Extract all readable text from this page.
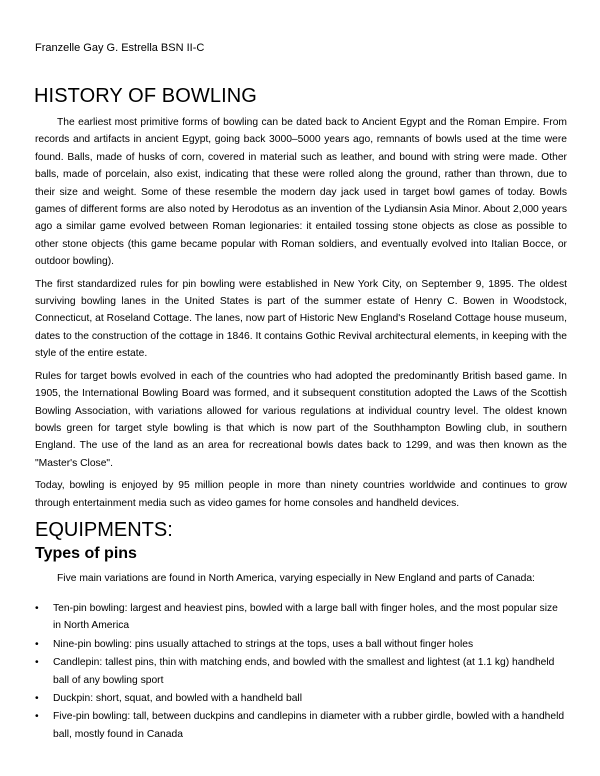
Franzelle Gay G. Estrella BSN II-C
HISTORY OF BOWLING

The earliest most primitive forms of bowling can be dated back to Ancient Egypt and the Roman Empire. From records and artifacts in ancient Egypt, going back 3000–5000 years ago, remnants of bowls used at the time were found. Balls, made of husks of corn, covered in material such as leather, and bound with string were made. Other balls, made of porcelain, also exist, indicating that these were rolled along the ground, rather than thrown, due to their size and weight. Some of these resemble the modern day jack used in target bowl games of today. Bowls games of different forms are also noted by Herodotus as an invention of the Lydiansin Asia Minor. About 2,000 years ago a similar game evolved between Roman legionaries: it entailed tossing stone objects as close as possible to other stone objects (this game became popular with Roman soldiers, and eventually evolved into Italian Bocce, or outdoor bowling).

The first standardized rules for pin bowling were established in New York City, on September 9, 1895. The oldest surviving bowling lanes in the United States is part of the summer estate of Henry C. Bowen in Woodstock, Connecticut, at Roseland Cottage. The lanes, now part of Historic New England's Roseland Cottage house museum, dates to the construction of the cottage in 1846. It contains Gothic Revival architectural elements, in keeping with the style of the entire estate.

Rules for target bowls evolved in each of the countries who had adopted the predominantly British based game. In 1905, the International Bowling Board was formed, and it subsequent constitution adopted the Laws of the Scottish Bowling Association, with variations allowed for various regulations at individual country level. The oldest known bowls green for target style bowling is that which is now part of the Southhampton Bowling club, in southern England. The use of the land as an area for recreational bowls dates back to 1299, and was then known as the "Master's Close".

Today, bowling is enjoyed by 95 million people in more than ninety countries worldwide and continues to grow through entertainment media such as video games for home consoles and handheld devices.

EQUIPMENTS:
Types of pins
Five main variations are found in North America, varying especially in New England and parts of Canada:
• Ten-pin bowling: largest and heaviest pins, bowled with a large ball with finger holes, and the most popular size in North America
• Nine-pin bowling: pins usually attached to strings at the tops, uses a ball without finger holes
• Candlepin: tallest pins, thin with matching ends, and bowled with the smallest and lightest (at 1.1 kg) handheld ball of any bowling sport
• Duckpin: short, squat, and bowled with a handheld ball
• Five-pin bowling: tall, between duckpins and candlepins in diameter with a rubber girdle, bowled with a handheld ball, mostly found in Canada
